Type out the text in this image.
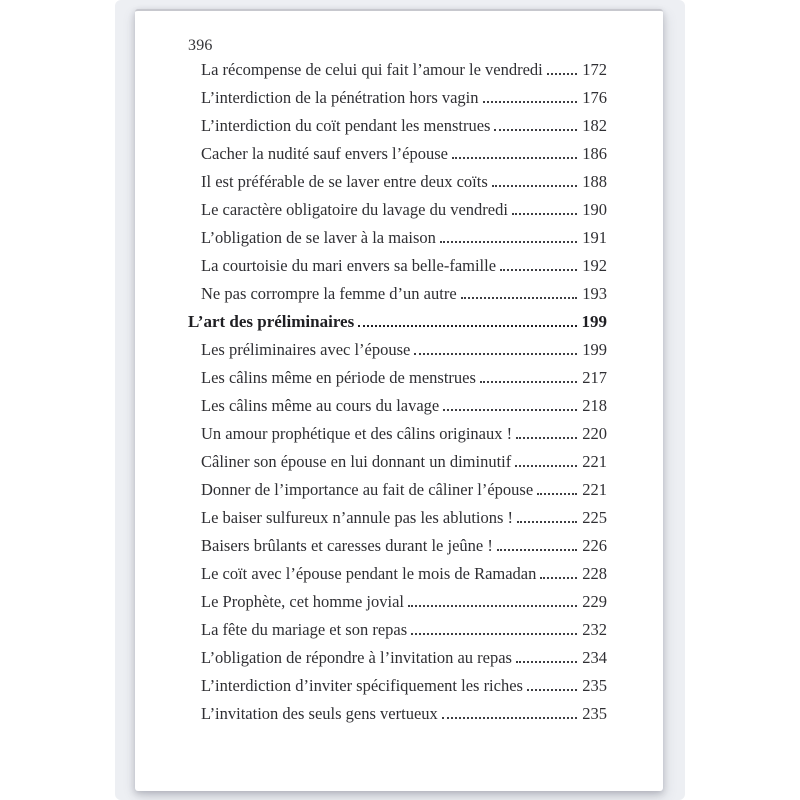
396
La récompense de celui qui fait l’amour le vendredi 172
L’interdiction de la pénétration hors vagin	176
L’interdiction du coït pendant les menstrues	182
Cacher la nudité sauf envers l’épouse	186
Il est préférable de se laver entre deux coïts	188
Le caractère obligatoire du lavage du vendredi	190
L’obligation de se laver à la maison	191
La courtoisie du mari envers sa belle-famille	192
Ne pas corrompre la femme d’un autre	193
L’art des préliminaires	199
Les préliminaires avec l’épouse	199
Les câlins même en période de menstrues	217
Les câlins même au cours du lavage	218
Un amour prophétique et des câlins originaux !	220
Câliner son épouse en lui donnant un diminutif	221
Donner de l’importance au fait de câliner l’épouse	221
Le baiser sulfureux n’annule pas les ablutions !	225
Baisers brûlants et caresses durant le jeûne !	226
Le coït avec l’épouse pendant le mois de Ramadan	228
Le Prophète, cet homme jovial	229
La fête du mariage et son repas	232
L’obligation de répondre à l’invitation au repas	234
L’interdiction d’inviter spécifiquement les riches	235
L’invitation des seuls gens vertueux	235
